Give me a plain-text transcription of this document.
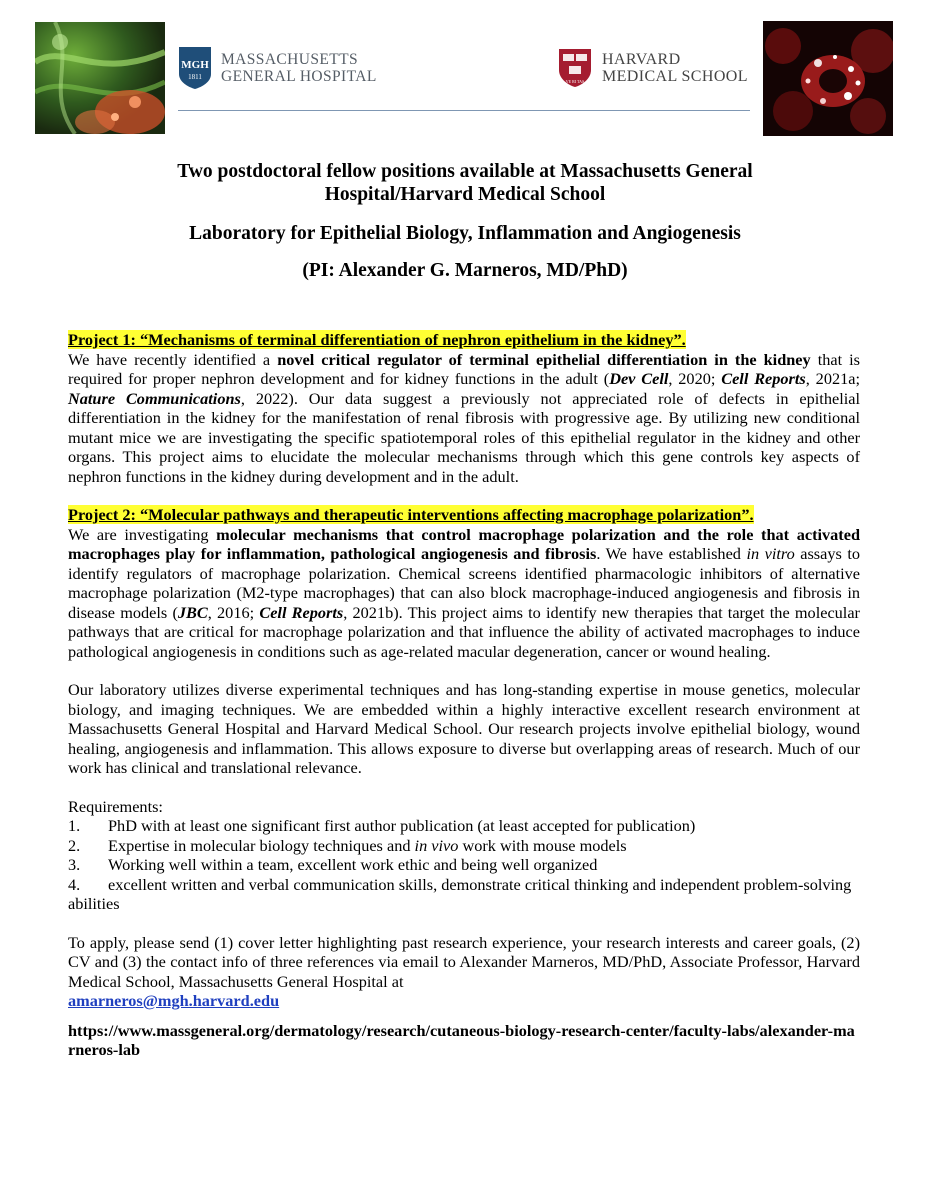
MGH
1811
MASSACHUSETTS
GENERAL HOSPITAL	VE RI TAS
HARVARD
MEDICAL SCHOOL
Two postdoctoral fellow positions available at Massachusetts General
Hospital/Harvard Medical School
Laboratory for Epithelial Biology, Inflammation and Angiogenesis
(PI: Alexander G. Marneros, MD/PhD)
Project 1: “Mechanisms of terminal differentiation of nephron epithelium in the kidney”.

We have recently identified a novel critical regulator of terminal epithelial differentiation in the kidney that is required for proper nephron development and for kidney functions in the adult (Dev Cell, 2020; Cell Reports, 2021a; Nature Communications, 2022). Our data suggest a previously not appreciated role of defects in epithelial differentiation in the kidney for the manifestation of renal fibrosis with progressive age. By utilizing new conditional mutant mice we are investigating the specific spatiotemporal roles of this epithelial regulator in the kidney and other organs. This project aims to elucidate the molecular mechanisms through which this gene controls key aspects of nephron functions in the kidney during development and in the adult.

Project 2: “Molecular pathways and therapeutic interventions affecting macrophage polarization”.

We are investigating molecular mechanisms that control macrophage polarization and the role that activated macrophages play for inflammation, pathological angiogenesis and fibrosis. We have established in vitro assays to identify regulators of macrophage polarization. Chemical screens identified pharmacologic inhibitors of alternative macrophage polarization (M2-type macrophages) that can also block macrophage-induced angiogenesis and fibrosis in disease models (JBC, 2016; Cell Reports, 2021b). This project aims to identify new therapies that target the molecular pathways that are critical for macrophage polarization and that influence the ability of activated macrophages to induce pathological angiogenesis in conditions such as age-related macular degeneration, cancer or wound healing.

Our laboratory utilizes diverse experimental techniques and has long-standing expertise in mouse genetics, molecular biology, and imaging techniques. We are embedded within a highly interactive excellent research environment at Massachusetts General Hospital and Harvard Medical School. Our research projects involve epithelial biology, wound healing, angiogenesis and inflammation. This allows exposure to diverse but overlapping areas of research. Much of our work has clinical and translational relevance.

Requirements:
1.	PhD with at least one significant first author publication (at least accepted for publication)
2.	Expertise in molecular biology techniques and in vivo work with mouse models
3.	Working well within a team, excellent work ethic and being well organized
4. excellent written and verbal communication skills, demonstrate critical thinking and independent problem-solving abilities

To apply, please send (1) cover letter highlighting past research experience, your research interests and career goals, (2) CV and (3) the contact info of three references via email to Alexander Marneros, MD/PhD, Associate Professor, Harvard Medical School, Massachusetts General Hospital at
amarneros@mgh.harvard.edu

https://www.massgeneral.org/dermatology/research/cutaneous-biology-research-center/faculty-labs/alexander-marneros-lab
